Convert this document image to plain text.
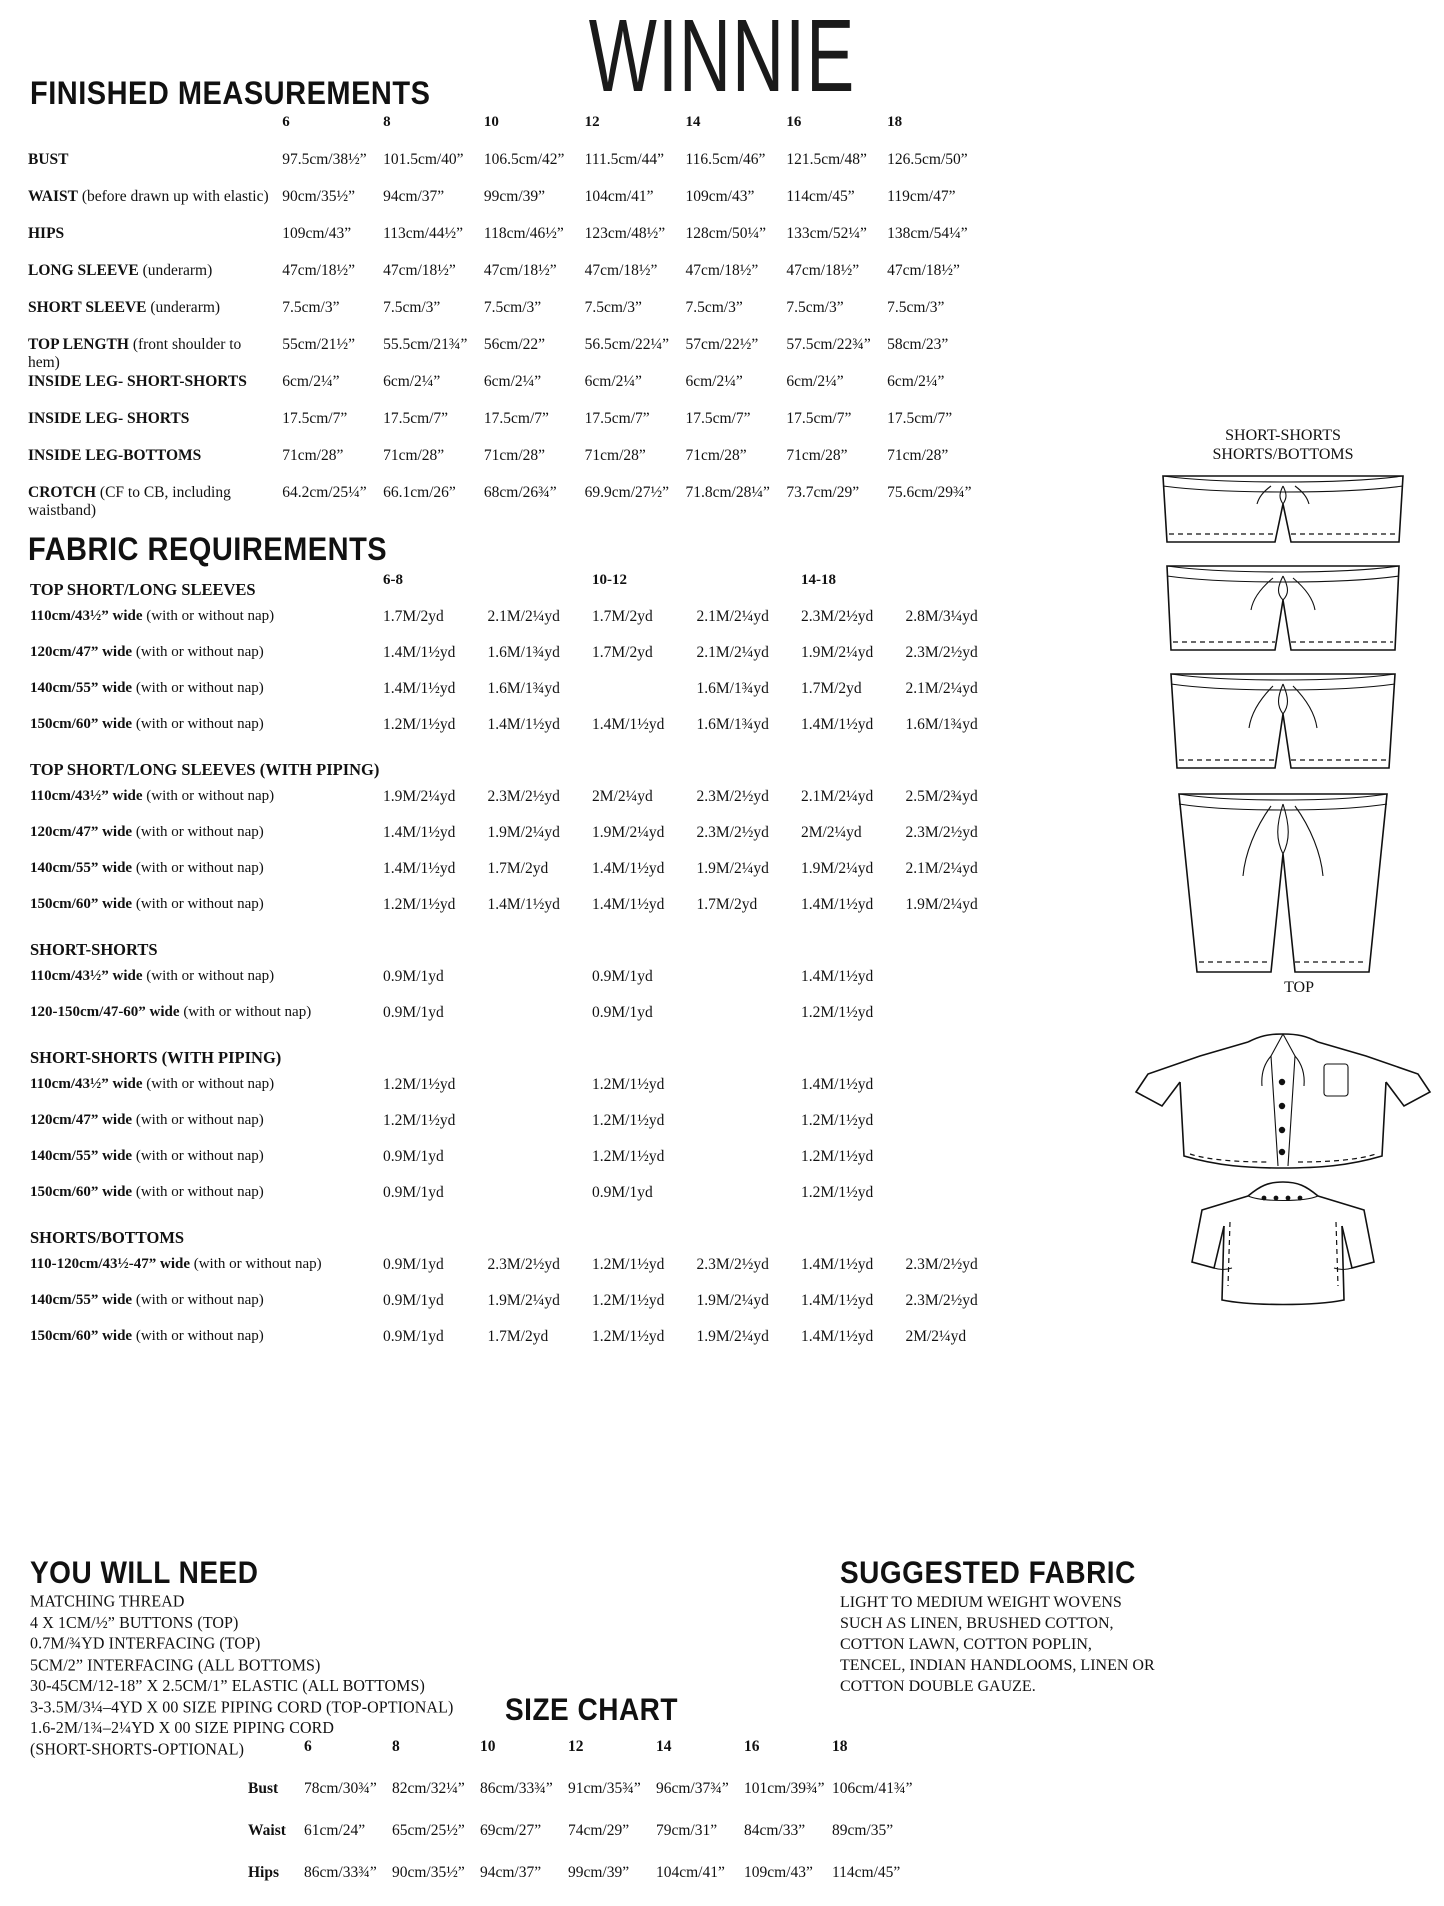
WINNIE
FINISHED MEASUREMENTS
	6	8	10	12	14	16	18
BUST	97.5cm/38½”	101.5cm/40”	106.5cm/42”	111.5cm/44”	116.5cm/46”	121.5cm/48”	126.5cm/50”
WAIST (before drawn up with elastic)	90cm/35½”	94cm/37”	99cm/39”	104cm/41”	109cm/43”	114cm/45”	119cm/47”
HIPS	109cm/43”	113cm/44½”	118cm/46½”	123cm/48½”	128cm/50¼”	133cm/52¼”	138cm/54¼”
LONG SLEEVE (underarm)	47cm/18½”	47cm/18½”	47cm/18½”	47cm/18½”	47cm/18½”	47cm/18½”	47cm/18½”
SHORT SLEEVE (underarm)	7.5cm/3”	7.5cm/3”	7.5cm/3”	7.5cm/3”	7.5cm/3”	7.5cm/3”	7.5cm/3”
TOP LENGTH (front shoulder to hem)	55cm/21½”	55.5cm/21¾”	56cm/22”	56.5cm/22¼”	57cm/22½”	57.5cm/22¾”	58cm/23”
INSIDE LEG- SHORT-SHORTS	6cm/2¼”	6cm/2¼”	6cm/2¼”	6cm/2¼”	6cm/2¼”	6cm/2¼”	6cm/2¼”
INSIDE LEG- SHORTS	17.5cm/7”	17.5cm/7”	17.5cm/7”	17.5cm/7”	17.5cm/7”	17.5cm/7”	17.5cm/7”
INSIDE LEG-BOTTOMS	71cm/28”	71cm/28”	71cm/28”	71cm/28”	71cm/28”	71cm/28”	71cm/28”
CROTCH (CF to CB, including waistband)	64.2cm/25¼”	66.1cm/26”	68cm/26¾”	69.9cm/27½”	71.8cm/28¼”	73.7cm/29”	75.6cm/29¾”
FABRIC REQUIREMENTS
TOP SHORT/LONG SLEEVES	6-8		10-12		14-18	
110cm/43½” wide (with or without nap)	1.7M/2yd	2.1M/2¼yd	1.7M/2yd	2.1M/2¼yd	2.3M/2½yd	2.8M/3¼yd
120cm/47” wide (with or without nap)	1.4M/1½yd	1.6M/1¾yd	1.7M/2yd	2.1M/2¼yd	1.9M/2¼yd	2.3M/2½yd
140cm/55” wide (with or without nap)	1.4M/1½yd	1.6M/1¾yd		1.6M/1¾yd	1.7M/2yd	2.1M/2¼yd
150cm/60” wide (with or without nap)	1.2M/1½yd	1.4M/1½yd	1.4M/1½yd	1.6M/1¾yd	1.4M/1½yd	1.6M/1¾yd
TOP SHORT/LONG SLEEVES (WITH PIPING)						
110cm/43½” wide (with or without nap)	1.9M/2¼yd	2.3M/2½yd	2M/2¼yd	2.3M/2½yd	2.1M/2¼yd	2.5M/2¾yd
120cm/47” wide (with or without nap)	1.4M/1½yd	1.9M/2¼yd	1.9M/2¼yd	2.3M/2½yd	2M/2¼yd	2.3M/2½yd
140cm/55” wide (with or without nap)	1.4M/1½yd	1.7M/2yd	1.4M/1½yd	1.9M/2¼yd	1.9M/2¼yd	2.1M/2¼yd
150cm/60” wide (with or without nap)	1.2M/1½yd	1.4M/1½yd	1.4M/1½yd	1.7M/2yd	1.4M/1½yd	1.9M/2¼yd
SHORT-SHORTS						
110cm/43½” wide (with or without nap)	0.9M/1yd		0.9M/1yd		1.4M/1½yd	
120-150cm/47-60” wide (with or without nap)	0.9M/1yd		0.9M/1yd		1.2M/1½yd	
SHORT-SHORTS (WITH PIPING)						
110cm/43½” wide (with or without nap)	1.2M/1½yd		1.2M/1½yd		1.4M/1½yd	
120cm/47” wide (with or without nap)	1.2M/1½yd		1.2M/1½yd		1.2M/1½yd	
140cm/55” wide (with or without nap)	0.9M/1yd		1.2M/1½yd		1.2M/1½yd	
150cm/60” wide (with or without nap)	0.9M/1yd		0.9M/1yd		1.2M/1½yd	
SHORTS/BOTTOMS						
110-120cm/43½-47” wide (with or without nap)	0.9M/1yd	2.3M/2½yd	1.2M/1½yd	2.3M/2½yd	1.4M/1½yd	2.3M/2½yd
140cm/55” wide (with or without nap)	0.9M/1yd	1.9M/2¼yd	1.2M/1½yd	1.9M/2¼yd	1.4M/1½yd	2.3M/2½yd
150cm/60” wide (with or without nap)	0.9M/1yd	1.7M/2yd	1.2M/1½yd	1.9M/2¼yd	1.4M/1½yd	2M/2¼yd
YOU WILL NEED
MATCHING THREAD
4 X 1CM/½” BUTTONS (TOP)
0.7M/¾YD INTERFACING (TOP)
5CM/2” INTERFACING (ALL BOTTOMS)
30-45CM/12-18” X 2.5CM/1” ELASTIC (ALL BOTTOMS)
3-3.5M/3¼–4YD X 00 SIZE PIPING CORD (TOP-OPTIONAL)
1.6-2M/1¾–2¼YD X 00 SIZE PIPING CORD
(SHORT-SHORTS-OPTIONAL)
SUGGESTED FABRIC
LIGHT TO MEDIUM WEIGHT WOVENS
SUCH AS LINEN, BRUSHED COTTON,
COTTON LAWN, COTTON POPLIN,
TENCEL, INDIAN HANDLOOMS, LINEN OR
COTTON DOUBLE GAUZE.
SIZE CHART
	6	8	10	12	14	16	18
Bust	78cm/30¾”	82cm/32¼”	86cm/33¾”	91cm/35¾”	96cm/37¾”	101cm/39¾”	106cm/41¾”
Waist	61cm/24”	65cm/25½”	69cm/27”	74cm/29”	79cm/31”	84cm/33”	89cm/35”
Hips	86cm/33¾”	90cm/35½”	94cm/37”	99cm/39”	104cm/41”	109cm/43”	114cm/45”
SHORT-SHORTS
SHORTS/BOTTOMS
TOP
